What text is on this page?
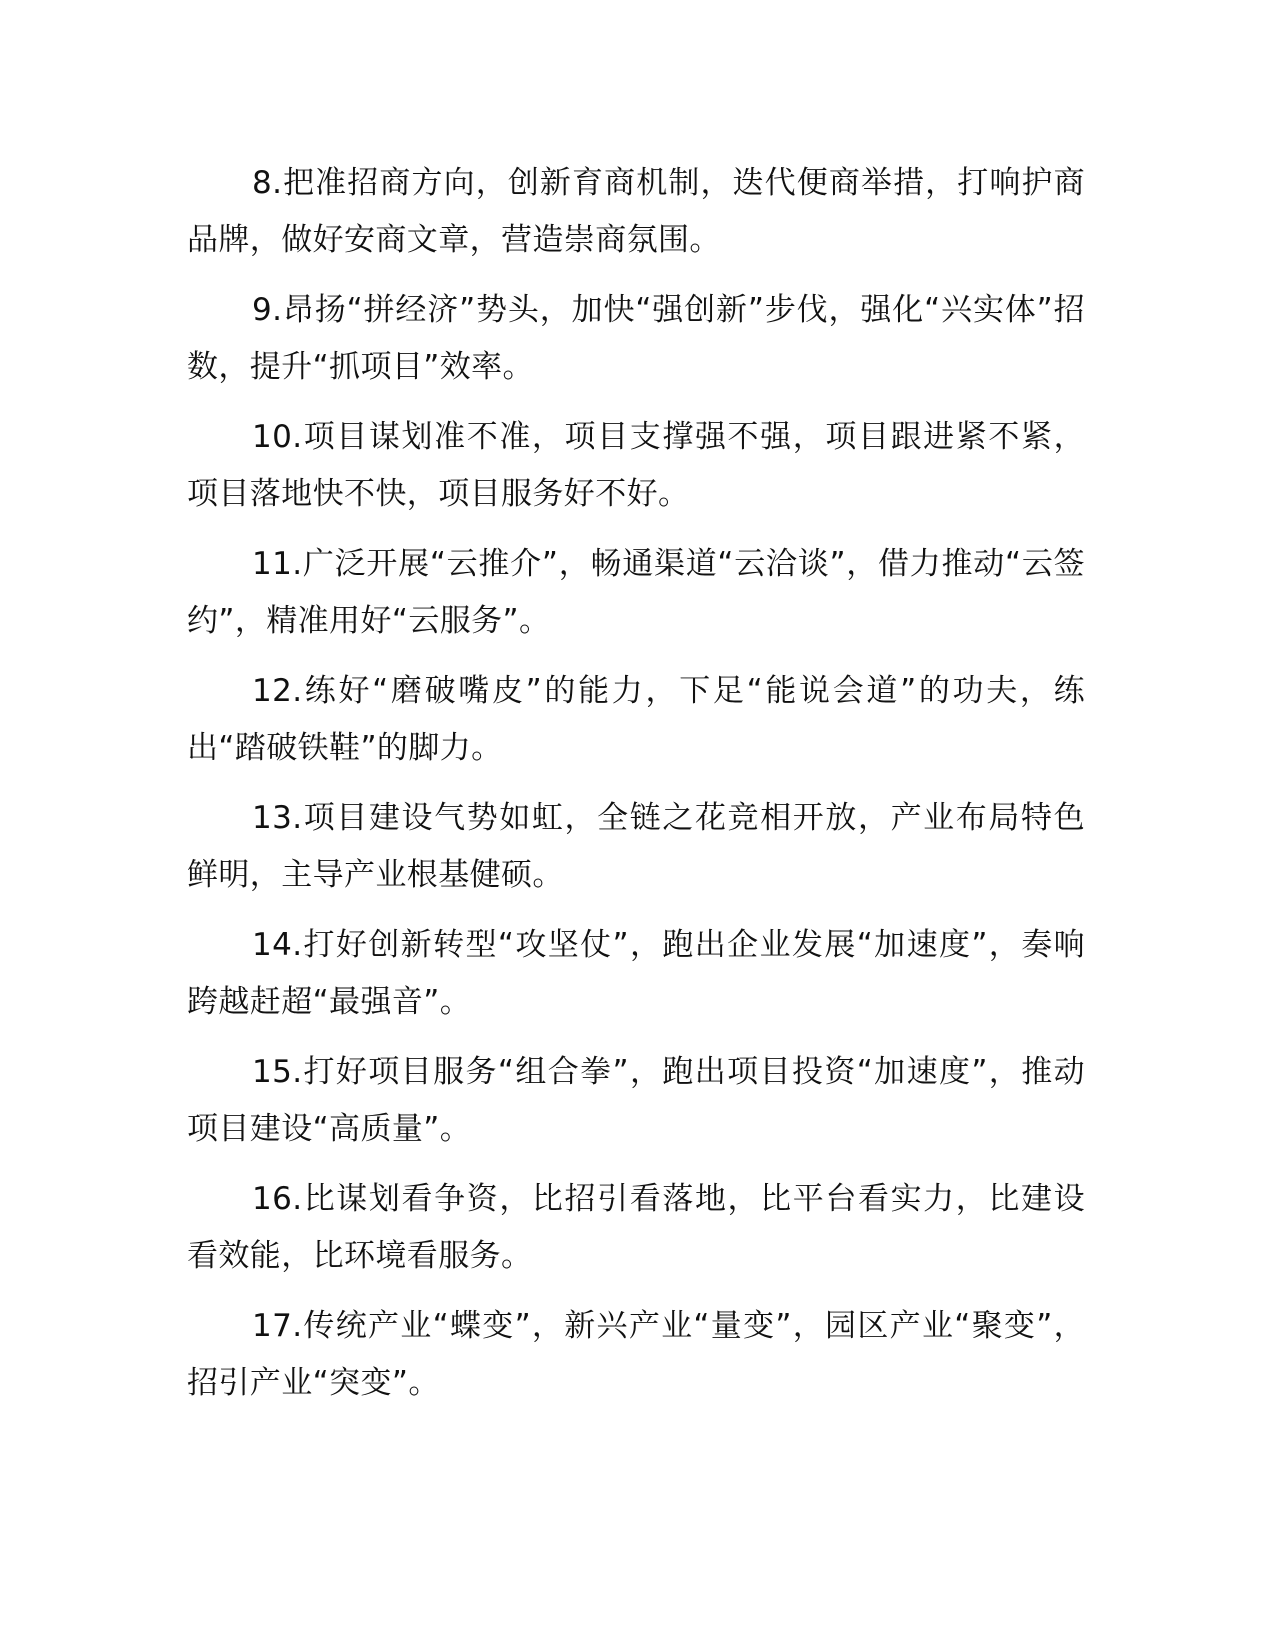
8.把准招商方向，创新育商机制，迭代便商举措，打响护商品牌，做好安商文章，营造崇商氛围。

9.昂扬“拼经济”势头，加快“强创新”步伐，强化“兴实体”招数，提升“抓项目”效率。

10.项目谋划准不准，项目支撑强不强，项目跟进紧不紧，项目落地快不快，项目服务好不好。

11.广泛开展“云推介”，畅通渠道“云洽谈”，借力推动“云签约”，精准用好“云服务”。

12.练好“磨破嘴皮”的能力，下足“能说会道”的功夫，练出“踏破铁鞋”的脚力。

13.项目建设气势如虹，全链之花竞相开放，产业布局特色鲜明，主导产业根基健硕。

14.打好创新转型“攻坚仗”，跑出企业发展“加速度”，奏响跨越赶超“最强音”。

15.打好项目服务“组合拳”，跑出项目投资“加速度”，推动项目建设“高质量”。

16.比谋划看争资，比招引看落地，比平台看实力，比建设看效能，比环境看服务。

17.传统产业“蝶变”，新兴产业“量变”，园区产业“聚变”，招引产业“突变”。
